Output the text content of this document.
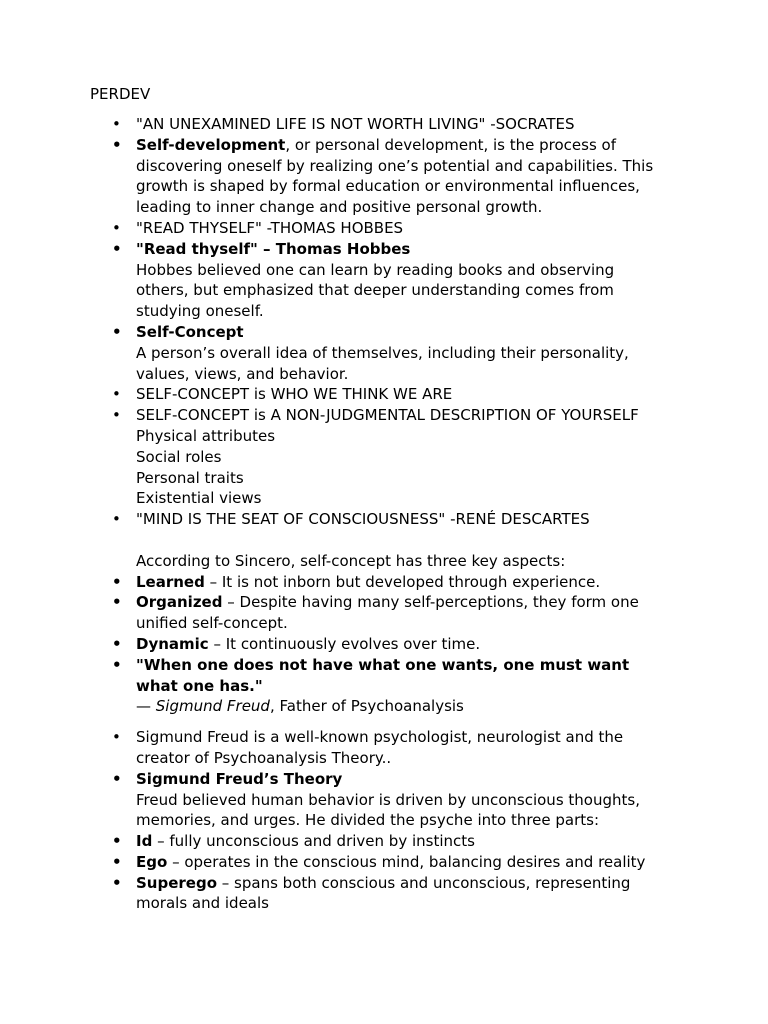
PERDEV
• "AN UNEXAMINED LIFE IS NOT WORTH LIVING" -SOCRATES
• Self-development, or personal development, is the process of discovering oneself by realizing one’s potential and capabilities. This growth is shaped by formal education or environmental influences, leading to inner change and positive personal growth.
• "READ THYSELF" -THOMAS HOBBES
• "Read thyself" – Thomas Hobbes
Hobbes believed one can learn by reading books and observing others, but emphasized that deeper understanding comes from studying oneself.
• Self-Concept
A person’s overall idea of themselves, including their personality, values, views, and behavior.
• SELF-CONCEPT is WHO WE THINK WE ARE
• SELF-CONCEPT is A NON-JUDGMENTAL DESCRIPTION OF YOURSELF
Physical attributes
Social roles
Personal traits
Existential views
• "MIND IS THE SEAT OF CONSCIOUSNESS" -RENÉ DESCARTES
According to Sincero, self-concept has three key aspects:
• Learned – It is not inborn but developed through experience.
• Organized – Despite having many self-perceptions, they form one unified self-concept.
• Dynamic – It continuously evolves over time.
• "When one does not have what one wants, one must want what one has."
— Sigmund Freud, Father of Psychoanalysis
• Sigmund Freud is a well-known psychologist, neurologist and the creator of Psychoanalysis Theory..
• Sigmund Freud’s Theory
Freud believed human behavior is driven by unconscious thoughts, memories, and urges. He divided the psyche into three parts:
• Id – fully unconscious and driven by instincts
• Ego – operates in the conscious mind, balancing desires and reality
• Superego – spans both conscious and unconscious, representing morals and ideals
